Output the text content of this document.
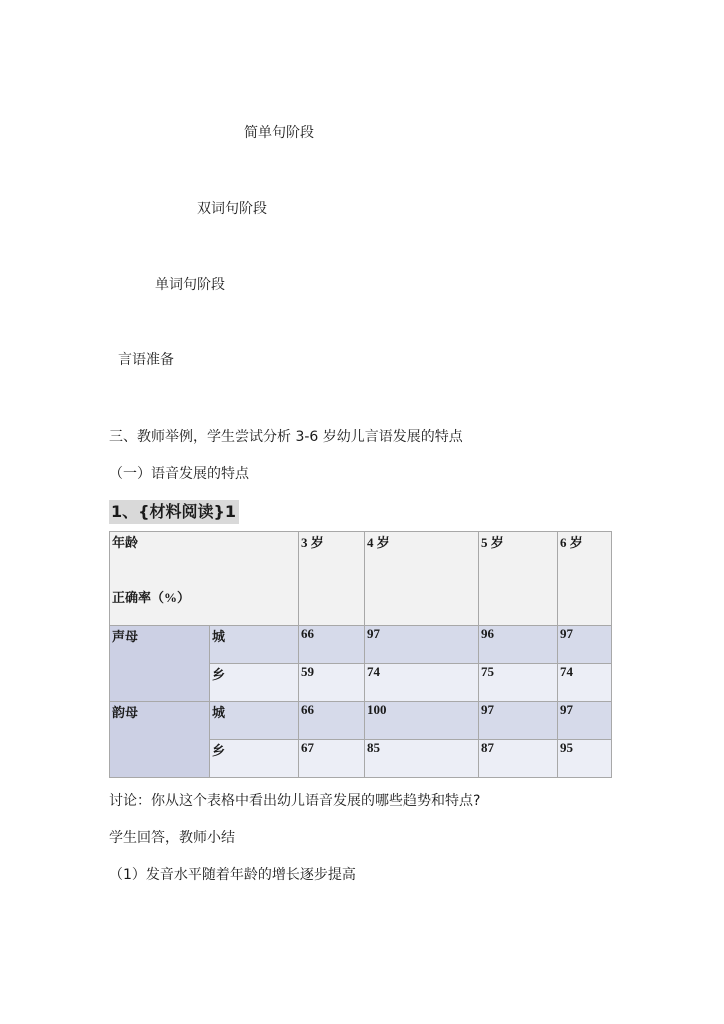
简单句阶段
双词句阶段
单词句阶段
言语准备
三、教师举例，学生尝试分析 3-6 岁幼儿言语发展的特点
（一）语音发展的特点
1、{材料阅读}1
年龄
正确率（%）		3 岁	4 岁	5 岁	6 岁
声母	城	66	97	96	97
	乡	59	74	75	74
韵母	城	66	100	97	97
	乡	67	85	87	95
讨论：你从这个表格中看出幼儿语音发展的哪些趋势和特点?
学生回答，教师小结
（1）发音水平随着年龄的增长逐步提高
